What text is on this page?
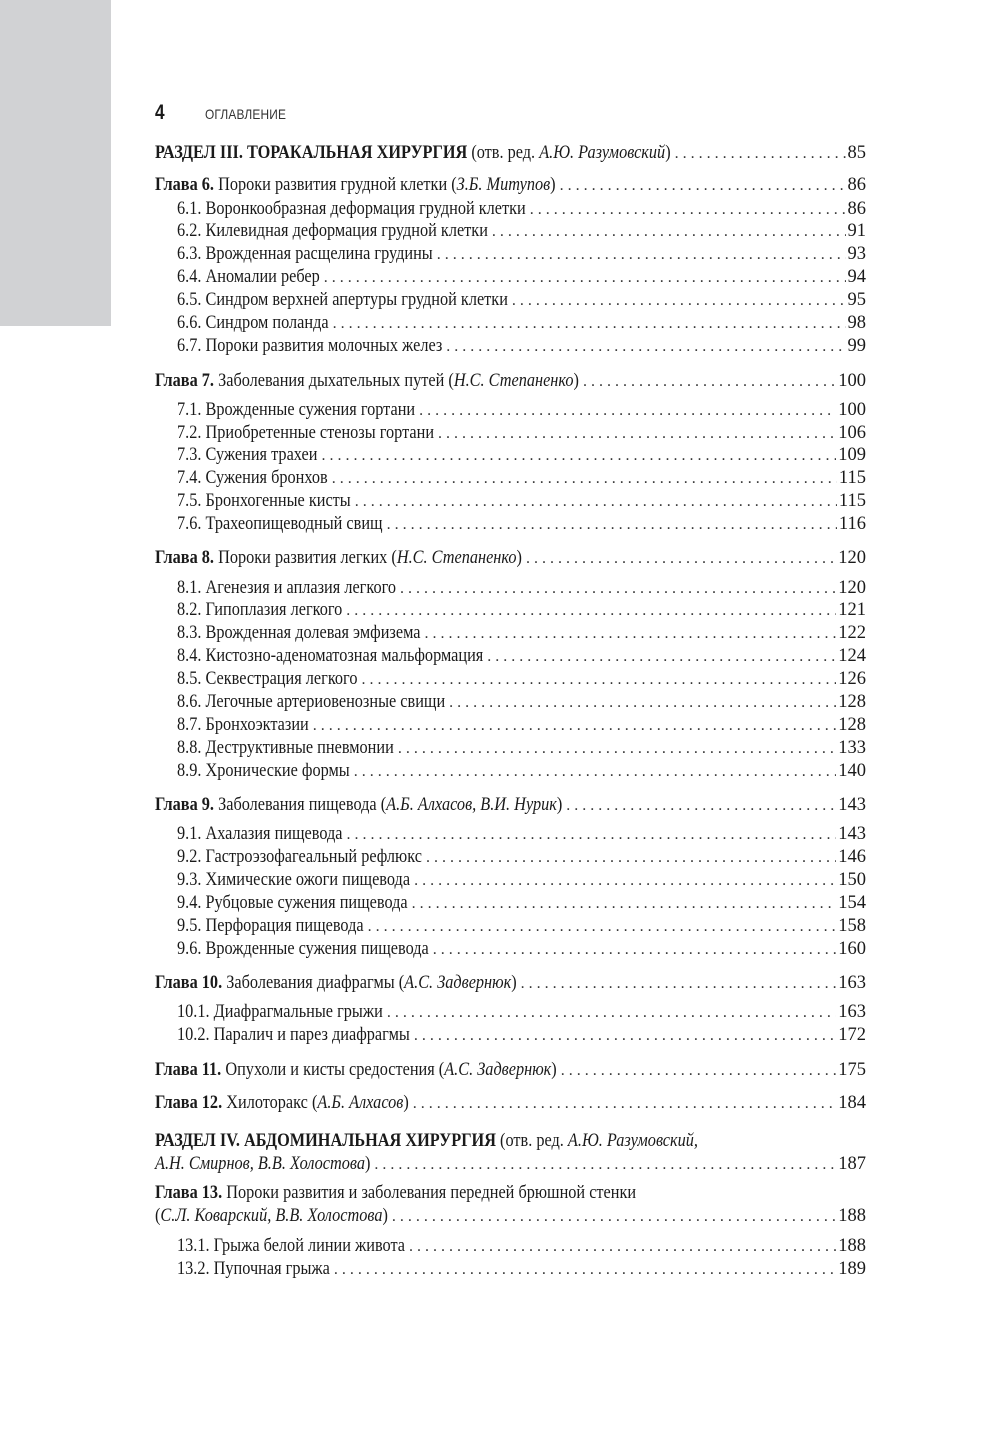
4	ОГЛАВЛЕНИЕ
РАЗДЕЛ III. ТОРАКАЛЬНАЯ ХИРУРГИЯ (отв. ред. А.Ю. Разумовский) . . .	85
Глава 6. Пороки развития грудной клетки (З.Б. Митупов) . . .	86
6.1. Воронкообразная деформация грудной клетки . . .	86
6.2. Килевидная деформация грудной клетки . . .	91
6.3. Врожденная расщелина грудины . . .	93
6.4. Аномалии ребер . . .	94
6.5. Синдром верхней апертуры грудной клетки . . .	95
6.6. Синдром поланда . . .	98
6.7. Пороки развития молочных желез . . .	99
Глава 7. Заболевания дыхательных путей (Н.С. Степаненко) . . .	100
7.1. Врожденные сужения гортани . . .	100
7.2. Приобретенные стенозы гортани . . .	106
7.3. Сужения трахеи . . .	109
7.4. Сужения бронхов . . .	115
7.5. Бронхогенные кисты . . .	115
7.6. Трахеопищеводный свищ . . .	116
Глава 8. Пороки развития легких (Н.С. Степаненко) . . .	120
8.1. Агенезия и аплазия легкого . . .	120
8.2. Гипоплазия легкого . . .	121
8.3. Врожденная долевая эмфизема . . .	122
8.4. Кистозно-аденоматозная мальформация . . .	124
8.5. Секвестрация легкого . . .	126
8.6. Легочные артериовенозные свищи . . .	128
8.7. Бронхоэктазии . . .	128
8.8. Деструктивные пневмонии . . .	133
8.9. Хронические формы . . .	140
Глава 9. Заболевания пищевода (А.Б. Алхасов, В.И. Нурик) . . .	143
9.1. Ахалазия пищевода . . .	143
9.2. Гастроэзофагеальный рефлюкс . . .	146
9.3. Химические ожоги пищевода . . .	150
9.4. Рубцовые сужения пищевода . . .	154
9.5. Перфорация пищевода . . .	158
9.6. Врожденные сужения пищевода . . .	160
Глава 10. Заболевания диафрагмы (А.С. Задвернюк) . . .	163
10.1. Диафрагмальные грыжи . . .	163
10.2. Паралич и парез диафрагмы . . .	172
Глава 11. Опухоли и кисты средостения (А.С. Задвернюк) . . .	175
Глава 12. Хилоторакс (А.Б. Алхасов) . . .	184
РАЗДЕЛ IV. АБДОМИНАЛЬНАЯ ХИРУРГИЯ (отв. ред. А.Ю. Разумовский,
А.Н. Смирнов, В.В. Холостова) . . .	187
Глава 13. Пороки развития и заболевания передней брюшной стенки
(С.Л. Коварский, В.В. Холостова) . . .	188
13.1. Грыжа белой линии живота . . .	188
13.2. Пупочная грыжа . . .	189
